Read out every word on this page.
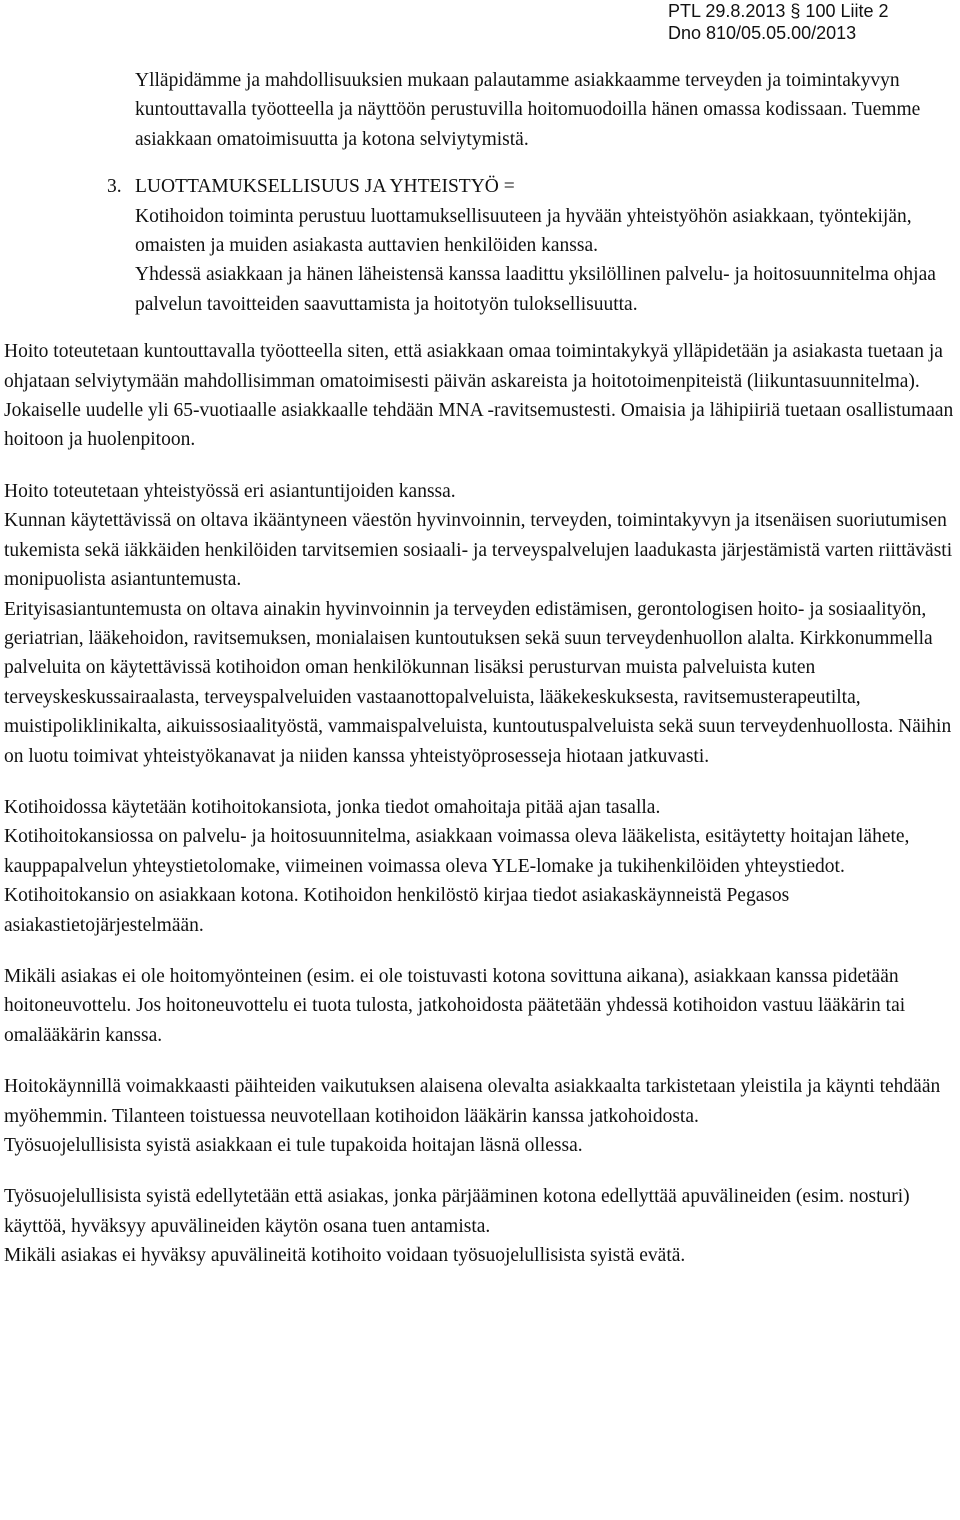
PTL 29.8.2013 § 100 Liite 2
Dno 810/05.05.00/2013

Ylläpidämme ja mahdollisuuksien mukaan palautamme asiakkaamme terveyden ja toimintakyvyn kuntouttavalla työotteella ja näyttöön perustuvilla hoitomuodoilla hänen omassa kodissaan. Tuemme asiakkaan omatoimisuutta ja kotona selviytymistä.

3. LUOTTAMUKSELLISUUS JA YHTEISTYÖ =

Kotihoidon toiminta perustuu luottamuksellisuuteen ja hyvään yhteistyöhön asiakkaan, työntekijän, omaisten ja muiden asiakasta auttavien henkilöiden kanssa.

Yhdessä asiakkaan ja hänen läheistensä kanssa laadittu yksilöllinen palvelu- ja hoitosuunnitelma ohjaa palvelun tavoitteiden saavuttamista ja hoitotyön tuloksellisuutta.

Hoito toteutetaan kuntouttavalla työotteella siten, että asiakkaan omaa toimintakykyä ylläpidetään ja asiakasta tuetaan ja ohjataan selviytymään mahdollisimman omatoimisesti päivän askareista ja hoitotoimenpiteistä (liikuntasuunnitelma). Jokaiselle uudelle yli 65-vuotiaalle asiakkaalle tehdään MNA -ravitsemustesti. Omaisia ja lähipiiriä tuetaan osallistumaan hoitoon ja huolenpitoon.

Hoito toteutetaan yhteistyössä eri asiantuntijoiden kanssa.

Kunnan käytettävissä on oltava ikääntyneen väestön hyvinvoinnin, terveyden, toimintakyvyn ja itsenäisen suoriutumisen tukemista sekä iäkkäiden henkilöiden tarvitsemien sosiaali- ja terveyspalvelujen laadukasta järjestämistä varten riittävästi monipuolista asiantuntemusta.

Erityisasiantuntemusta on oltava ainakin hyvinvoinnin ja terveyden edistämisen, gerontologisen hoito- ja sosiaalityön, geriatrian, lääkehoidon, ravitsemuksen, monialaisen kuntoutuksen sekä suun terveydenhuollon alalta. Kirkkonummella palveluita on käytettävissä kotihoidon oman henkilökunnan lisäksi perusturvan muista palveluista kuten terveyskeskussairaalasta, terveyspalveluiden vastaanottopalveluista, lääkekeskuksesta, ravitsemusterapeutilta, muistipoliklinikalta, aikuissosiaalityöstä, vammaispalveluista, kuntoutuspalveluista sekä suun terveydenhuollosta. Näihin on luotu toimivat yhteistyökanavat ja niiden kanssa yhteistyöprosesseja hiotaan jatkuvasti.

Kotihoidossa käytetään kotihoitokansiota, jonka tiedot omahoitaja pitää ajan tasalla.

Kotihoitokansiossa on palvelu- ja hoitosuunnitelma, asiakkaan voimassa oleva lääkelista, esitäytetty hoitajan lähete, kauppapalvelun yhteystietolomake, viimeinen voimassa oleva YLE-lomake ja tukihenkilöiden yhteystiedot. Kotihoitokansio on asiakkaan kotona. Kotihoidon henkilöstö kirjaa tiedot asiakaskäynneistä Pegasos asiakastietojärjestelmään.

Mikäli asiakas ei ole hoitomyönteinen (esim. ei ole toistuvasti kotona sovittuna aikana), asiakkaan kanssa pidetään hoitoneuvottelu. Jos hoitoneuvottelu ei tuota tulosta, jatkohoidosta päätetään yhdessä kotihoidon vastuu lääkärin tai omalääkärin kanssa.

Hoitokäynnillä voimakkaasti päihteiden vaikutuksen alaisena olevalta asiakkaalta tarkistetaan yleistila ja käynti tehdään myöhemmin. Tilanteen toistuessa neuvotellaan kotihoidon lääkärin kanssa jatkohoidosta.

Työsuojelullisista syistä asiakkaan ei tule tupakoida hoitajan läsnä ollessa.

Työsuojelullisista syistä edellytetään että asiakas, jonka pärjääminen kotona edellyttää apuvälineiden (esim. nosturi) käyttöä, hyväksyy apuvälineiden käytön osana tuen antamista.

Mikäli asiakas ei hyväksy apuvälineitä kotihoito voidaan työsuojelullisista syistä evätä.
